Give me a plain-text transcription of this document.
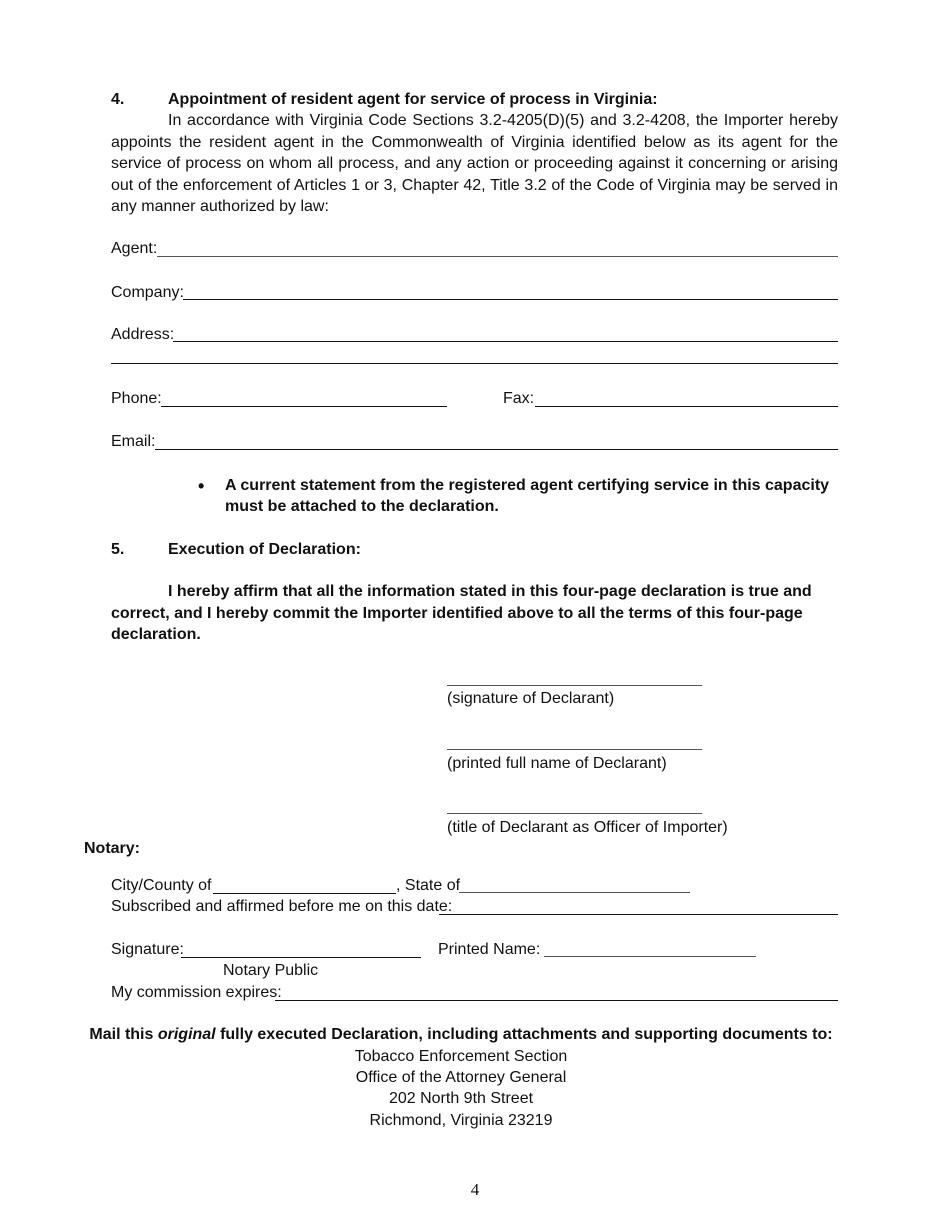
4.	Appointment of resident agent for service of process in Virginia:
In accordance with Virginia Code Sections 3.2-4205(D)(5) and 3.2-4208, the Importer hereby appoints the resident agent in the Commonwealth of Virginia identified below as its agent for the service of process on whom all process, and any action or proceeding against it concerning or arising out of the enforcement of Articles 1 or 3, Chapter 42, Title 3.2 of the Code of Virginia may be served in any manner authorized by law:
Agent:
Company:
Address:
Phone:	Fax:
Email:
• A current statement from the registered agent certifying service in this capacity
must be attached to the declaration.
5.	Execution of Declaration:
I hereby affirm that all the information stated in this four-page declaration is true and
correct, and I hereby commit the Importer identified above to all the terms of this four-page
declaration.
(signature of Declarant)
(printed full name of Declarant)
(title of Declarant as Officer of Importer)
Notary:
City/County of	, State of
Subscribed and affirmed before me on this date:
Signature:	Printed Name:
Notary Public
My commission expires:
Mail this original fully executed Declaration, including attachments and supporting documents to:
Tobacco Enforcement Section
Office of the Attorney General
202 North 9th Street
Richmond, Virginia 23219
4
